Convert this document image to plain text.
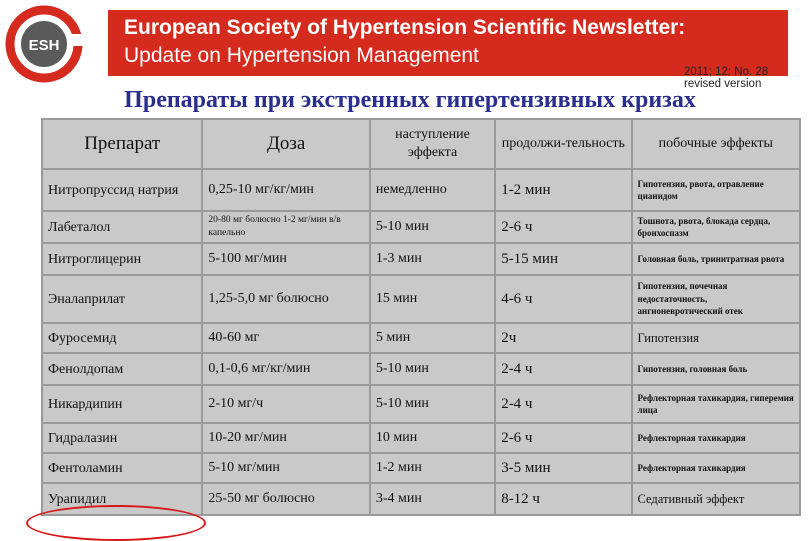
ESH
European Society of Hypertension Scientific Newsletter:
Update on Hypertension Management
2011; 12: No. 28
revised version
Препараты при экстренных гипертензивных кризах
Препарат	Доза	наступление эффекта	продолжи-тельность	побочные эффекты
Нитропруссид натрия	0,25-10 мг/кг/мин	немедленно	1-2 мин	Гипотензия, рвота, отравление цианидом
Лабеталол	20-80 мг болюсно 1-2 мг/мин в/в капельно	5-10 мин	2-6 ч	Тошнота, рвота, блокада сердца, бронхоспазм
Нитроглицерин	5-100 мг/мин	1-3 мин	5-15 мин	Головная боль, тринитратная рвота
Эналаприлат	1,25-5,0 мг болюсно	15 мин	4-6 ч	Гипотензия, почечная недостаточность, ангионевротический отек
Фуросемид	40-60 мг	5 мин	2ч	Гипотензия
Фенолдопам	0,1-0,6 мг/кг/мин	5-10 мин	2-4 ч	Гипотензия, головная боль
Никардипин	2-10 мг/ч	5-10 мин	2-4 ч	Рефлекторная тахикардия, гиперемия лица
Гидралазин	10-20 мг/мин	10 мин	2-6 ч	Рефлекторная тахикардия
Фентоламин	5-10 мг/мин	1-2 мин	3-5 мин	Рефлекторная тахикардия
Урапидил	25-50 мг болюсно	3-4 мин	8-12 ч	Седативный эффект
